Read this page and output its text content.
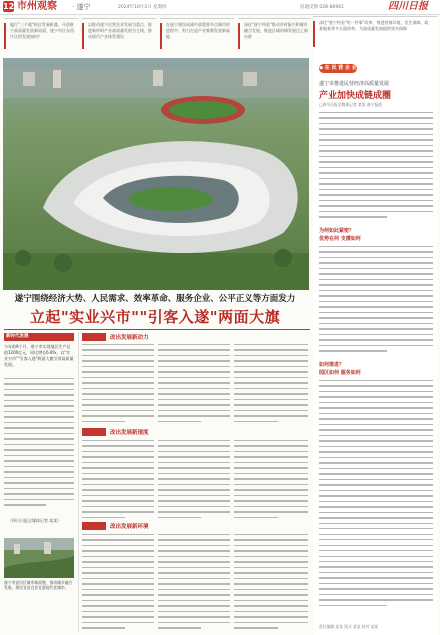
12 市州观察 · 遂宁	2024年10月3日 星期四	问题反馈 028-86961	四川日报
履行"三个做"抓住发展机遇，开创遂宁高质量发展新局面，遂宁市区东西片区的发展如何？
以推动遂宁民营企业发展为重点，推进新材料产业高质量发展为主线，推动现代产业体系建设
在遂宁建设成渝中部重要节点城市的进程中，努力打造产业集聚发展新高地
深化"遂宁经验"推动乡村振兴和城乡融合发展，推进区域协调发展迈上新台阶
遂宁围绕经济大势、人民需求、效率革命、服务企业、公平正义等方面发力
立起"实业兴市""引客入遂"两面大旗
新时代发展
今年前9个月，遂宁市实现地区生产总值1200亿元，同比增长6.8%，以"实业兴市""引客入遂"两面大旗引领高质量发展。
（四川日报全媒体记者 某某）
遂宁市安居区城市新面貌，推动城乡融合发展，建设宜居宜业宜游现代化城市。
改出发展新动力
改出发展新速度
改出发展新环境
深化"遂宁经验"的一件事"改革，推进营商环境、民生保障、政务服务等多方面改革，为高质量发展提供坚实保障
◆ 在 民 营 企 业
遂宁市推进民营经济高质量发展
产业加快成链成圈
□四川日报全媒体记者 某某 遂宁报道
为何如此紧密？
优势在何 支撑如何
如何推进？
园区如何 服务如何
责任编辑 某某 版式 某某 校对 某某
